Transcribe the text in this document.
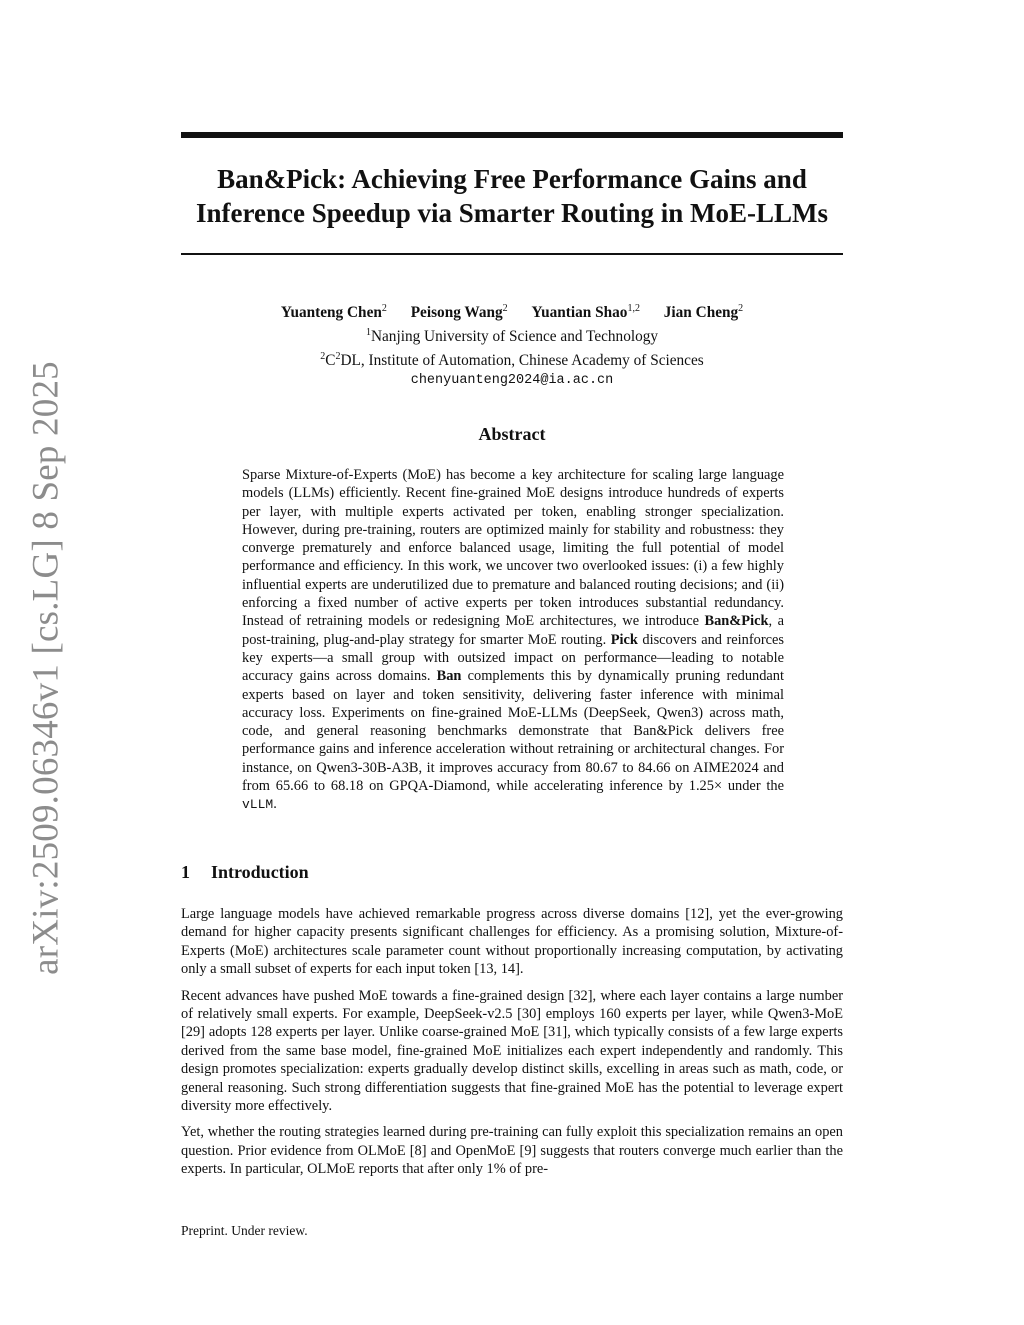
arXiv:2509.06346v1 [cs.LG] 8 Sep 2025
Ban&Pick: Achieving Free Performance Gains and
Inference Speedup via Smarter Routing in MoE-LLMs
Yuanteng Chen$^2$ Peisong Wang$^2$ Yuantian Shao$^{1,2}$ Jian Cheng$^2$
$^1$Nanjing University of Science and Technology
$^2C^2DL$, Institute of Automation, Chinese Academy of Sciences
chenyuanteng2024@ia.ac.cn
Abstract

Sparse Mixture-of-Experts (MoE) has become a key architecture for scaling large language models (LLMs) efficiently. Recent fine-grained MoE designs introduce hundreds of experts per layer, with multiple experts activated per token, enabling stronger specialization. However, during pre-training, routers are optimized mainly for stability and robustness: they converge prematurely and enforce balanced usage, limiting the full potential of model performance and efficiency. In this work, we uncover two overlooked issues: (i) a few highly influential experts are underutilized due to premature and balanced routing decisions; and (ii) enforcing a fixed number of active experts per token introduces substantial redundancy. Instead of retraining models or redesigning MoE architectures, we introduce Ban&Pick, a post-training, plug-and-play strategy for smarter MoE routing. Pick discovers and reinforces key experts—a small group with outsized impact on performance—leading to notable accuracy gains across domains. Ban complements this by dynamically pruning redundant experts based on layer and token sensitivity, delivering faster inference with minimal accuracy loss. Experiments on fine-grained MoE-LLMs (DeepSeek, Qwen3) across math, code, and general reasoning benchmarks demonstrate that Ban&Pick delivers free performance gains and inference acceleration without retraining or architectural changes. For instance, on Qwen3-30B-A3B, it improves accuracy from 80.67 to 84.66 on AIME2024 and from 65.66 to 68.18 on GPQA-Diamond, while accelerating inference by 1.25× under the vLLM.

1 Introduction

Large language models have achieved remarkable progress across diverse domains [12], yet the ever-growing demand for higher capacity presents significant challenges for efficiency. As a promising solution, Mixture-of-Experts (MoE) architectures scale parameter count without proportionally increasing computation, by activating only a small subset of experts for each input token [13, 14].

Recent advances have pushed MoE towards a fine-grained design [32], where each layer contains a large number of relatively small experts. For example, DeepSeek-v2.5 [30] employs 160 experts per layer, while Qwen3-MoE [29] adopts 128 experts per layer. Unlike coarse-grained MoE [31], which typically consists of a few large experts derived from the same base model, fine-grained MoE initializes each expert independently and randomly. This design promotes specialization: experts gradually develop distinct skills, excelling in areas such as math, code, or general reasoning. Such strong differentiation suggests that fine-grained MoE has the potential to leverage expert diversity more effectively.

Yet, whether the routing strategies learned during pre-training can fully exploit this specialization remains an open question. Prior evidence from OLMoE [8] and OpenMoE [9] suggests that routers converge much earlier than the experts. In particular, OLMoE reports that after only 1% of pre-

Preprint. Under review.
